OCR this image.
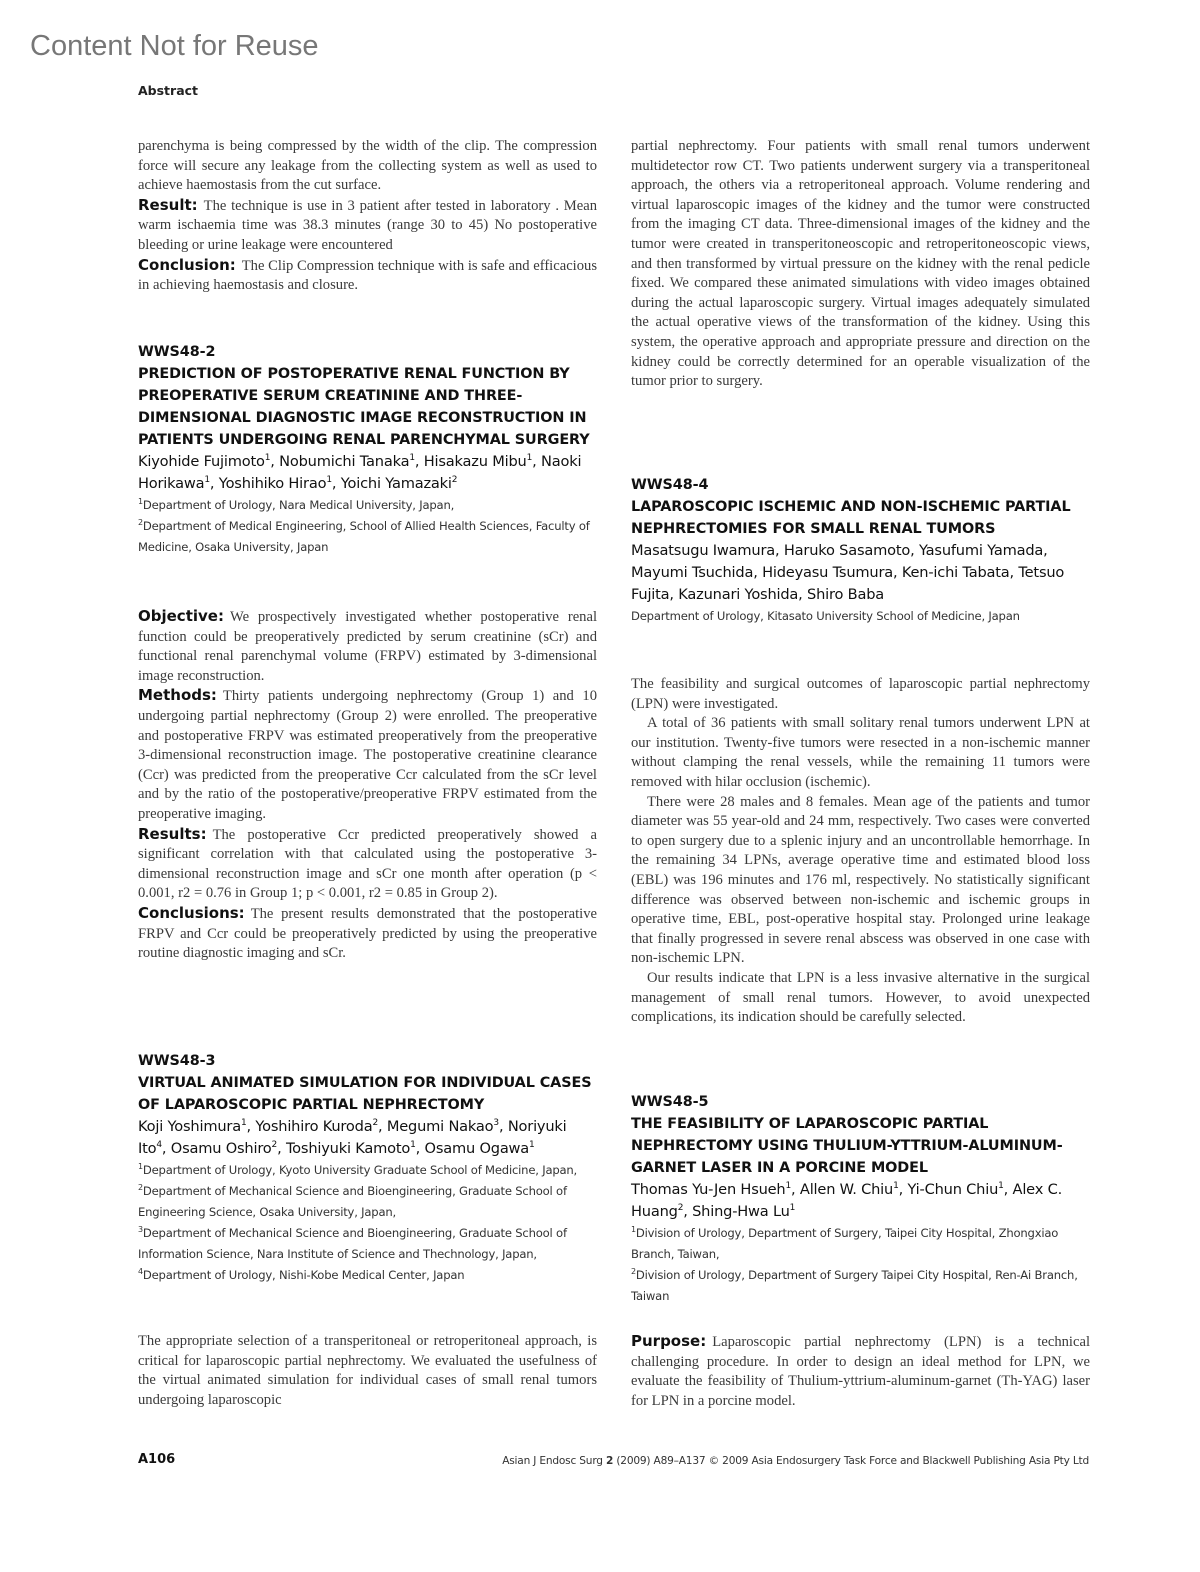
Content Not for Reuse
Abstract

parenchyma is being compressed by the width of the clip. The compression force will secure any leakage from the collecting system as well as used to achieve haemostasis from the cut surface.

Result: The technique is use in 3 patient after tested in laboratory . Mean warm ischaemia time was 38.3 minutes (range 30 to 45) No postoperative bleeding or urine leakage were encountered

Conclusion: The Clip Compression technique with is safe and efficacious in achieving haemostasis and closure.

WWS48-2
PREDICTION OF POSTOPERATIVE RENAL FUNCTION BY PREOPERATIVE SERUM CREATININE AND THREE-DIMENSIONAL DIAGNOSTIC IMAGE RECONSTRUCTION IN PATIENTS UNDERGOING RENAL PARENCHYMAL SURGERY
Kiyohide Fujimoto$^1$, Nobumichi Tanaka$^1$, Hisakazu Mibu$^1$, Naoki Horikawa$^1$, Yoshihiko Hirao$^1$, Yoichi Yamazaki$^2$
$^1$Department of Urology, Nara Medical University, Japan,
$^2$Department of Medical Engineering, School of Allied Health Sciences, Faculty of Medicine, Osaka University, Japan

Objective: We prospectively investigated whether postoperative renal function could be preoperatively predicted by serum creatinine (sCr) and functional renal parenchymal volume (FRPV) estimated by 3-dimensional image reconstruction.

Methods: Thirty patients undergoing nephrectomy (Group 1) and 10 undergoing partial nephrectomy (Group 2) were enrolled. The preoperative and postoperative FRPV was estimated preoperatively from the preoperative 3-dimensional reconstruction image. The postoperative creatinine clearance (Ccr) was predicted from the preoperative Ccr calculated from the sCr level and by the ratio of the postoperative/preoperative FRPV estimated from the preoperative imaging.

Results: The postoperative Ccr predicted preoperatively showed a significant correlation with that calculated using the postoperative 3-dimensional reconstruction image and sCr one month after operation (p < 0.001, r2 = 0.76 in Group 1; p < 0.001, r2 = 0.85 in Group 2).

Conclusions: The present results demonstrated that the postoperative FRPV and Ccr could be preoperatively predicted by using the preoperative routine diagnostic imaging and sCr.

WWS48-3
VIRTUAL ANIMATED SIMULATION FOR INDIVIDUAL CASES OF LAPAROSCOPIC PARTIAL NEPHRECTOMY
Koji Yoshimura$^1$, Yoshihiro Kuroda$^2$, Megumi Nakao$^3$, Noriyuki Ito$^4$, Osamu Oshiro$^2$, Toshiyuki Kamoto$^1$, Osamu Ogawa$^1$
$^1$Department of Urology, Kyoto University Graduate School of Medicine, Japan,
$^2$Department of Mechanical Science and Bioengineering, Graduate School of Engineering Science, Osaka University, Japan,
$^3$Department of Mechanical Science and Bioengineering, Graduate School of Information Science, Nara Institute of Science and Thechnology, Japan,
$^4$Department of Urology, Nishi-Kobe Medical Center, Japan

The appropriate selection of a transperitoneal or retroperitoneal approach, is critical for laparoscopic partial nephrectomy. We evaluated the usefulness of the virtual animated simulation for individual cases of small renal tumors undergoing laparoscopic

partial nephrectomy. Four patients with small renal tumors underwent multidetector row CT. Two patients underwent surgery via a transperitoneal approach, the others via a retroperitoneal approach. Volume rendering and virtual laparoscopic images of the kidney and the tumor were constructed from the imaging CT data. Three-dimensional images of the kidney and the tumor were created in transperitoneoscopic and retroperitoneoscopic views, and then transformed by virtual pressure on the kidney with the renal pedicle fixed. We compared these animated simulations with video images obtained during the actual laparoscopic surgery. Virtual images adequately simulated the actual operative views of the transformation of the kidney. Using this system, the operative approach and appropriate pressure and direction on the kidney could be correctly determined for an operable visualization of the tumor prior to surgery.

WWS48-4
LAPAROSCOPIC ISCHEMIC AND NON-ISCHEMIC PARTIAL NEPHRECTOMIES FOR SMALL RENAL TUMORS
Masatsugu Iwamura, Haruko Sasamoto, Yasufumi Yamada, Mayumi Tsuchida, Hideyasu Tsumura, Ken-ichi Tabata, Tetsuo Fujita, Kazunari Yoshida, Shiro Baba
Department of Urology, Kitasato University School of Medicine, Japan

The feasibility and surgical outcomes of laparoscopic partial nephrectomy (LPN) were investigated.

A total of 36 patients with small solitary renal tumors underwent LPN at our institution. Twenty-five tumors were resected in a non-ischemic manner without clamping the renal vessels, while the remaining 11 tumors were removed with hilar occlusion (ischemic).

There were 28 males and 8 females. Mean age of the patients and tumor diameter was 55 year-old and 24 mm, respectively. Two cases were converted to open surgery due to a splenic injury and an uncontrollable hemorrhage. In the remaining 34 LPNs, average operative time and estimated blood loss (EBL) was 196 minutes and 176 ml, respectively. No statistically significant difference was observed between non-ischemic and ischemic groups in operative time, EBL, post-operative hospital stay. Prolonged urine leakage that finally progressed in severe renal abscess was observed in one case with non-ischemic LPN.

Our results indicate that LPN is a less invasive alternative in the surgical management of small renal tumors. However, to avoid unexpected complications, its indication should be carefully selected.

WWS48-5
THE FEASIBILITY OF LAPAROSCOPIC PARTIAL NEPHRECTOMY USING THULIUM-YTTRIUM-ALUMINUM-GARNET LASER IN A PORCINE MODEL
Thomas Yu-Jen Hsueh$^1$, Allen W. Chiu$^1$, Yi-Chun Chiu$^1$, Alex C. Huang$^2$, Shing-Hwa Lu$^1$
$^1$Division of Urology, Department of Surgery, Taipei City Hospital, Zhongxiao Branch, Taiwan,
$^2$Division of Urology, Department of Surgery Taipei City Hospital, Ren-Ai Branch, Taiwan

Purpose: Laparoscopic partial nephrectomy (LPN) is a technical challenging procedure. In order to design an ideal method for LPN, we evaluate the feasibility of Thulium-yttrium-aluminum-garnet (Th-YAG) laser for LPN in a porcine model.

A106	Asian J Endosc Surg 2 (2009) A89–A137 © 2009 Asia Endosurgery Task Force and Blackwell Publishing Asia Pty Ltd
